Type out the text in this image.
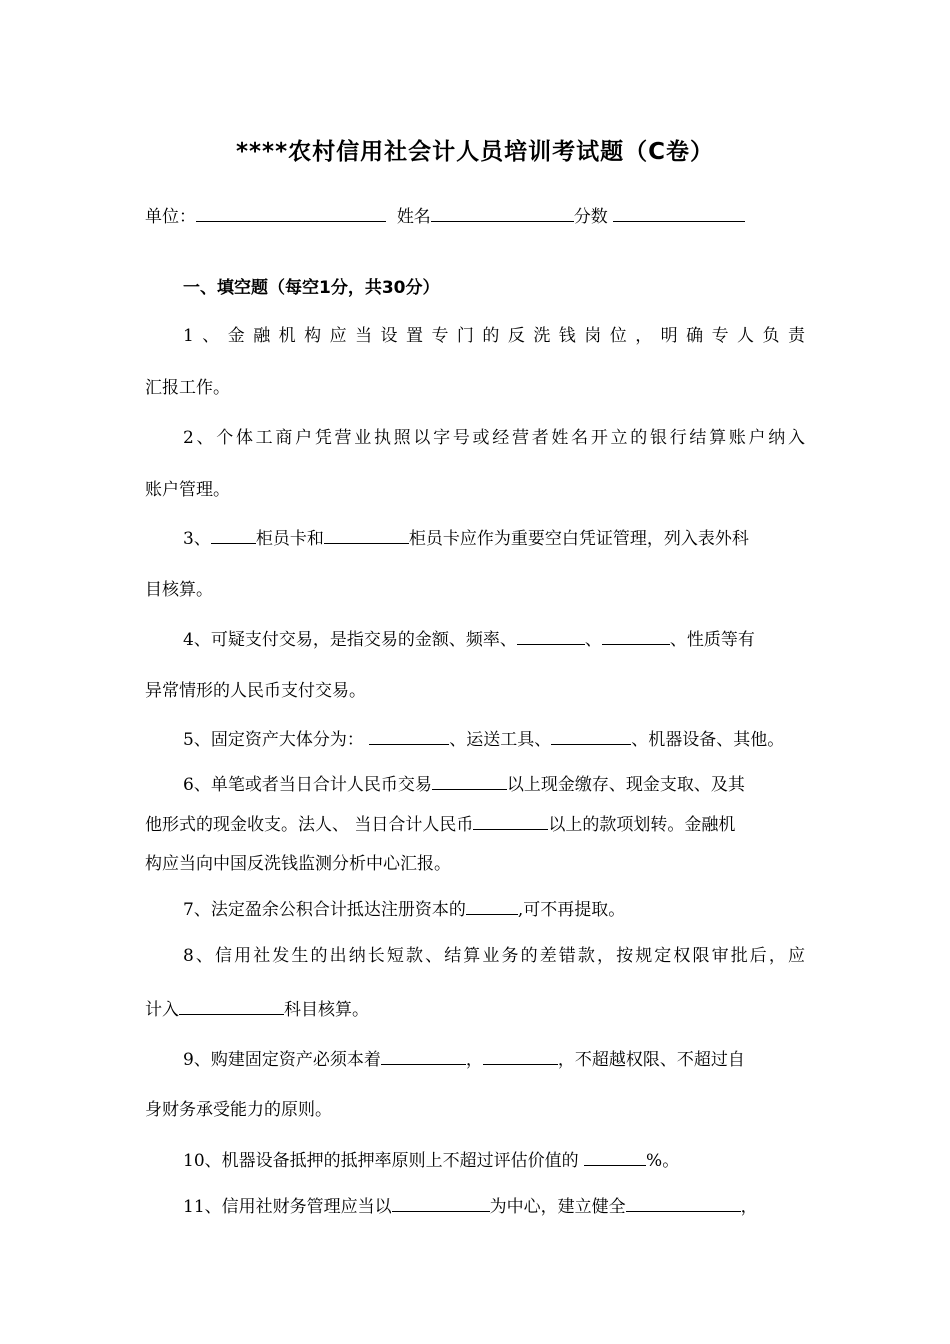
****农村信用社会计人员培训考试题（C卷）
单位：	姓名	分数
一、填空题（每空1分，共30分）
1、金融机构应当设置专门的反洗钱岗位，明确专人负责
汇报工作。
2、个体工商户凭营业执照以字号或经营者姓名开立的银行结算账户纳入
账户管理。
3、	柜员卡和	柜员卡应作为重要空白凭证管理，列入表外科
目核算。
4、可疑支付交易，是指交易的金额、频率、	、	、性质等有
异常情形的人民币支付交易。
5、固定资产大体分为：	、运送工具、	、机器设备、其他。
6、单笔或者当日合计人民币交易	以上现金缴存、现金支取、及其
他形式的现金收支。法人、 当日合计人民币	以上的款项划转。金融机
构应当向中国反洗钱监测分析中心汇报。
7、法定盈余公积合计抵达注册资本的	,可不再提取。
8、信用社发生的出纳长短款、结算业务的差错款，按规定权限审批后，应
计入	科目核算。
9、购建固定资产必须本着	，	，不超越权限、不超过自
身财务承受能力的原则。
10、机器设备抵押的抵押率原则上不超过评估价值的	%。
11、信用社财务管理应当以	为中心，建立健全	，
